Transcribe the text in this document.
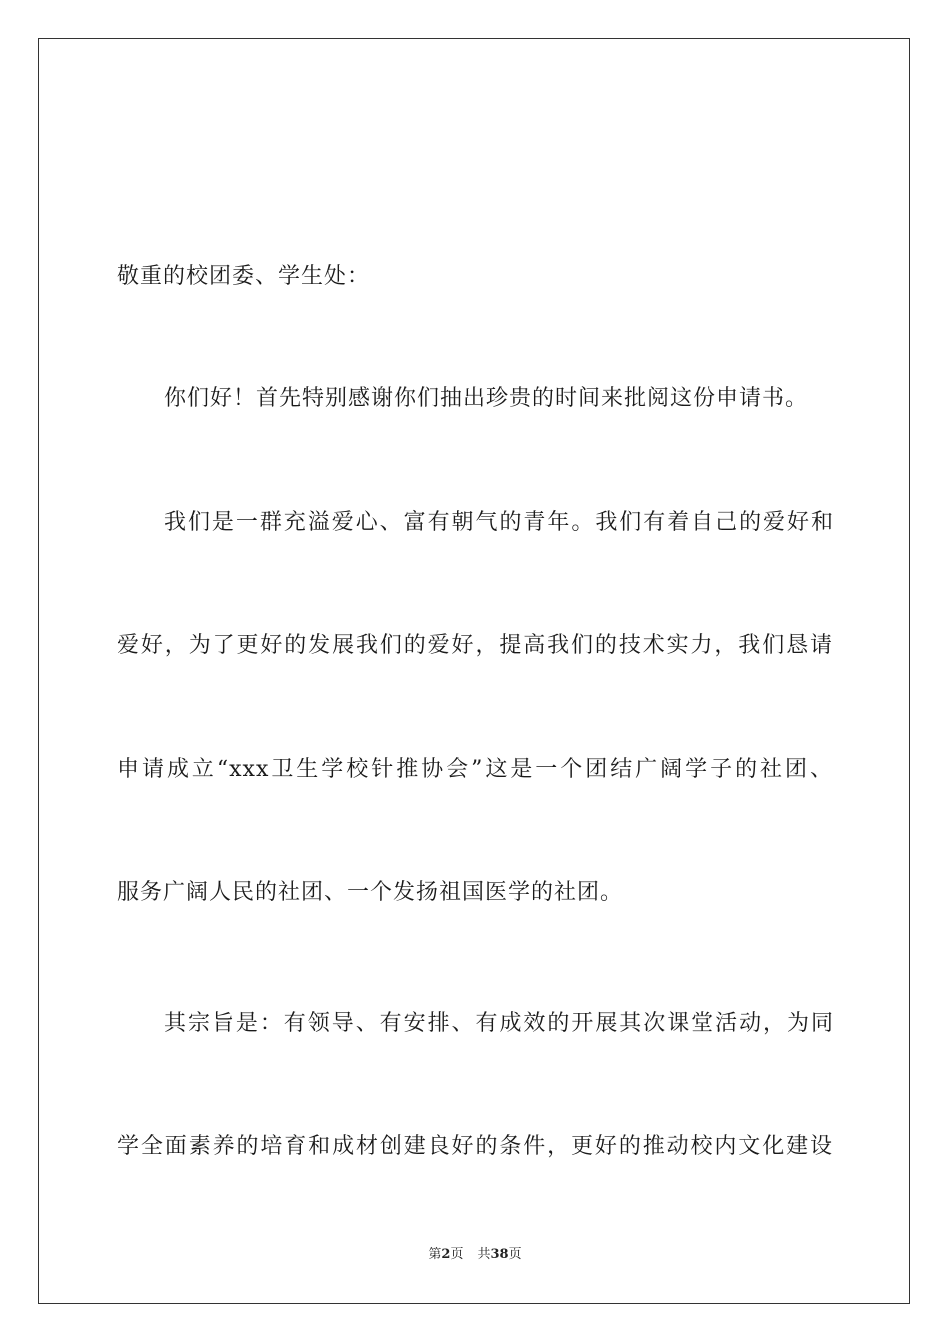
敬重的校团委、学生处：
你们好！首先特别感谢你们抽出珍贵的时间来批阅这份申请书。
我们是一群充溢爱心、富有朝气的青年。我们有着自己的爱好和
爱好，为了更好的发展我们的爱好，提高我们的技术实力，我们恳请
申请成立“xxx卫生学校针推协会”这是一个团结广阔学子的社团、
服务广阔人民的社团、一个发扬祖国医学的社团。
其宗旨是：有领导、有安排、有成效的开展其次课堂活动，为同
学全面素养的培育和成材创建良好的条件，更好的推动校内文化建设
第2页 共38页
